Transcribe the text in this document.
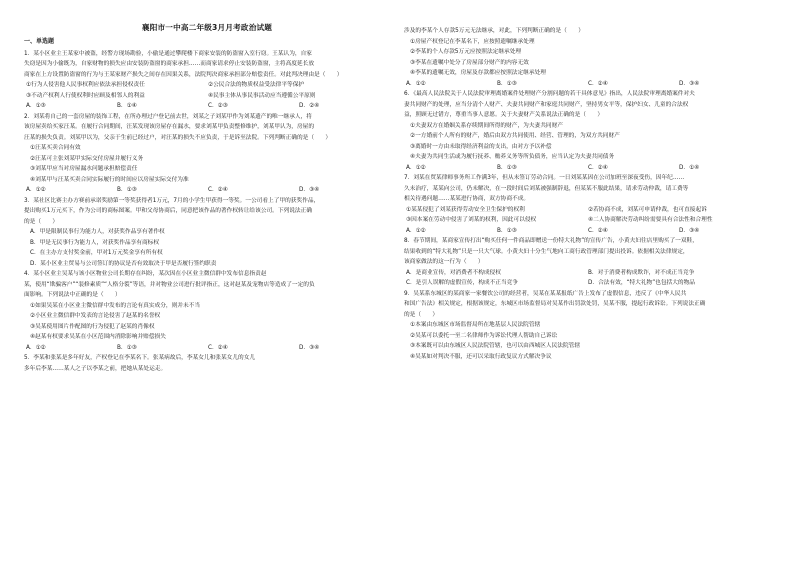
襄阳市一中高二年级3月月考政治试题
一、单选题

1．某小区业主王某家中被盗，经警方现场勘验，小偷是通过攀爬楼下商家安装的防盗窗入室行窃。王某认为，自家

失窃是因为小偷既为，自家财物的损失应由安装防盗窗的商家承担……而商家请求停止安装防盗窗，主将高度延长放

商家在上方设置防盗窗的行为与王某家财产损失之间存在因果关系，法院判决商家承担部分赔偿责任。对此判决理由是（　　）

①行为人侵害他人民事权利应依法承担侵权责任	②公民合法的物质权益受法律平等保护
③不动产权利人行使权利时应顾及相邻人的利益	④民事主体从事民事活动应当遵循公平原则
A．①③	B．①④	C．②③	D．②④

2．刘某将自己的一套房屋的装饰工程，在所办理过户登记前去世，刘某之子刘某甲作为刘某遗产的唯一继承人，将

该房屋卖给买家汪某。在履行合同期间，汪某发现该房屋存在漏水，要求刘某甲负责整修维护，刘某甲认为，房屋的

汪某的损失负责。刘某甲以为，父亲于生前已经过户，对汪某的损失不应负责，于是诉至法院。下列判断正确的是（　　）

①汪某买卖合同有效

②汪某可主张刘某甲实际交付房屋并履行义务

③刘某甲应当对房屋漏水问题承担赔偿责任

④刘某甲与汪某买卖合同实际履行的时间应以房屋实际交付为准

A．①②	B．①③	C．②④	D．③④

3．某社区比赛主办方赛前承诺奖励第一等奖获得者1万元，7月的小学生甲获得一等奖。一公司看上了甲的获奖作品，

提出购买1万元买下，作为公司的商标图案。甲和父母协商后，同意把该作品的著作权转让给该公司。下列说法正确

的是（　　）

A．甲是限制民事行为能力人，对获奖作品享有著作权

B．甲是无民事行为能力人，对获奖作品享有商标权

C．在主办方支付奖金前，甲对1万元奖金享有所有权

D．某小区业主贸易与公司签订的协议是否有效取决于甲是否履行签约职责

4．某小区业主吴某与该小区物业公司长期存在纠纷，某次因在小区业主微信群中发布信息指责赵

某，使用“欺骗客户”“装修素质”“人格分裂”等语，并对物业公司进行批评指正，这对赵某及宠物店等造成了一定的负

面影响。下列说法中正确的是（　　）

①如果吴某在小区业主微信群中发布的言论有真实成分，则并未不当

②小区业主微信群中发表的言论侵害了赵某的名誉权

③吴某使用图片作配图的行为侵犯了赵某的肖像权

④赵某有权要求吴某在小区范围内消除影响并赔偿损失

A．①②	B．①③	C．②④	D．③④

5．李某和张某是多年好友，产权登记在李某名下。张某病故后，李某女儿和张某女儿的女儿

多年后李某……某人之子以李某之前，把她从某处运走。

涉及的李某个人存款5万元无法继承，对此，下列判断正确的是（　　）

①房屋产权登记在李某名下，应按照遗嘱继承处理

②李某的个人存款5万元应按照法定继承处理

③李某在遗嘱中处分了房屋部分财产的内容无效

④李某的遗嘱无效，房屋及存款都应按照法定继承处理

A．①②	B．①③	C．②④	D．③④

6．《最高人民法院关于人民法院审理离婚案件处理财产分割问题的若干具体意见》指出，人民法院审理离婚案件对夫

妻共同财产的处理，应当分清个人财产、夫妻共同财产和家庭共同财产，坚持男女平等，保护妇女、儿童的合法权

益，照顾无过错方，尊重当事人意愿。关于夫妻财产关系说法正确的是（　　）

①夫妻双方在婚姻关系存续期间所得的财产，为夫妻共同财产

②一方婚前个人所有的财产，婚后由双方共同使用、经营、管理的，为双方共同财产

③离婚时一方由未取得经济利益的支出，由对方予以补偿

④夫妻为共同生活或为履行抚养、赡养义务等所负债务，应当认定为夫妻共同债务

A．①②	B．①③	C．②④	D．①④

7．刘某在贸某律师事务所工作满3年，但从未签订劳动合同。一日刘某某因在公司加班至深夜受伤，因年纪……

久未治疗，某某向公司，仍未解决，在一段时间后刘某被强制辞退，但某某不服此结果，请求劳动仲裁，请工费等

相关待遇问题……某某进行协商，双方协商不成。

①某某侵犯了刘某获得劳动安全卫生保护的权利	②若协商不成，刘某可申请仲裁，也可直接起诉
③因本案在劳动中侵害了刘某的权利，因此可以侵权	④二人协商解决劳动纠纷需要具有合法性和合理性
A．①②	B．①③	C．②④	D．③④

8．春节期间，某商家宣传打出“购买任何一件商品即赠送一份特大礼物”的宣传广告，小黄夫妇往店里购买了一双鞋，

结果收到的“特大礼物”只是一只大气球。小黄夫妇十分生气地向工商行政管理部门提出投诉。依据相关法律规定，

该商家做法的这一行为（　　）

A．是商业宣传，对消费者不构成侵权	B．对于消费者构成欺诈，对不成正当竞争
C．是引人误解的虚假宣传，构成不正当竞争	D．合法有效，“特大礼物”也包括大的物品

9．吴某系东城区的某商家一家餐饮公司的经营者，吴某在某某报纸广告上发布了虚假信息，违反了《中华人民共

和国广告法》相关规定，根据该规定，东城区市场监督局对吴某作出罚款处罚，吴某不服，提起行政诉讼。下列说法正确

的是（　　）

①本案由东城区市场监督局所在地基层人民法院管辖

②吴某可以委托一至二名律师作为诉讼代理人帮助自己诉讼

③本案既可以由东城区人民法院管辖，也可以由西城区人民法院管辖

④吴某如对判决不服，还可以采取行政复议方式解决争议
